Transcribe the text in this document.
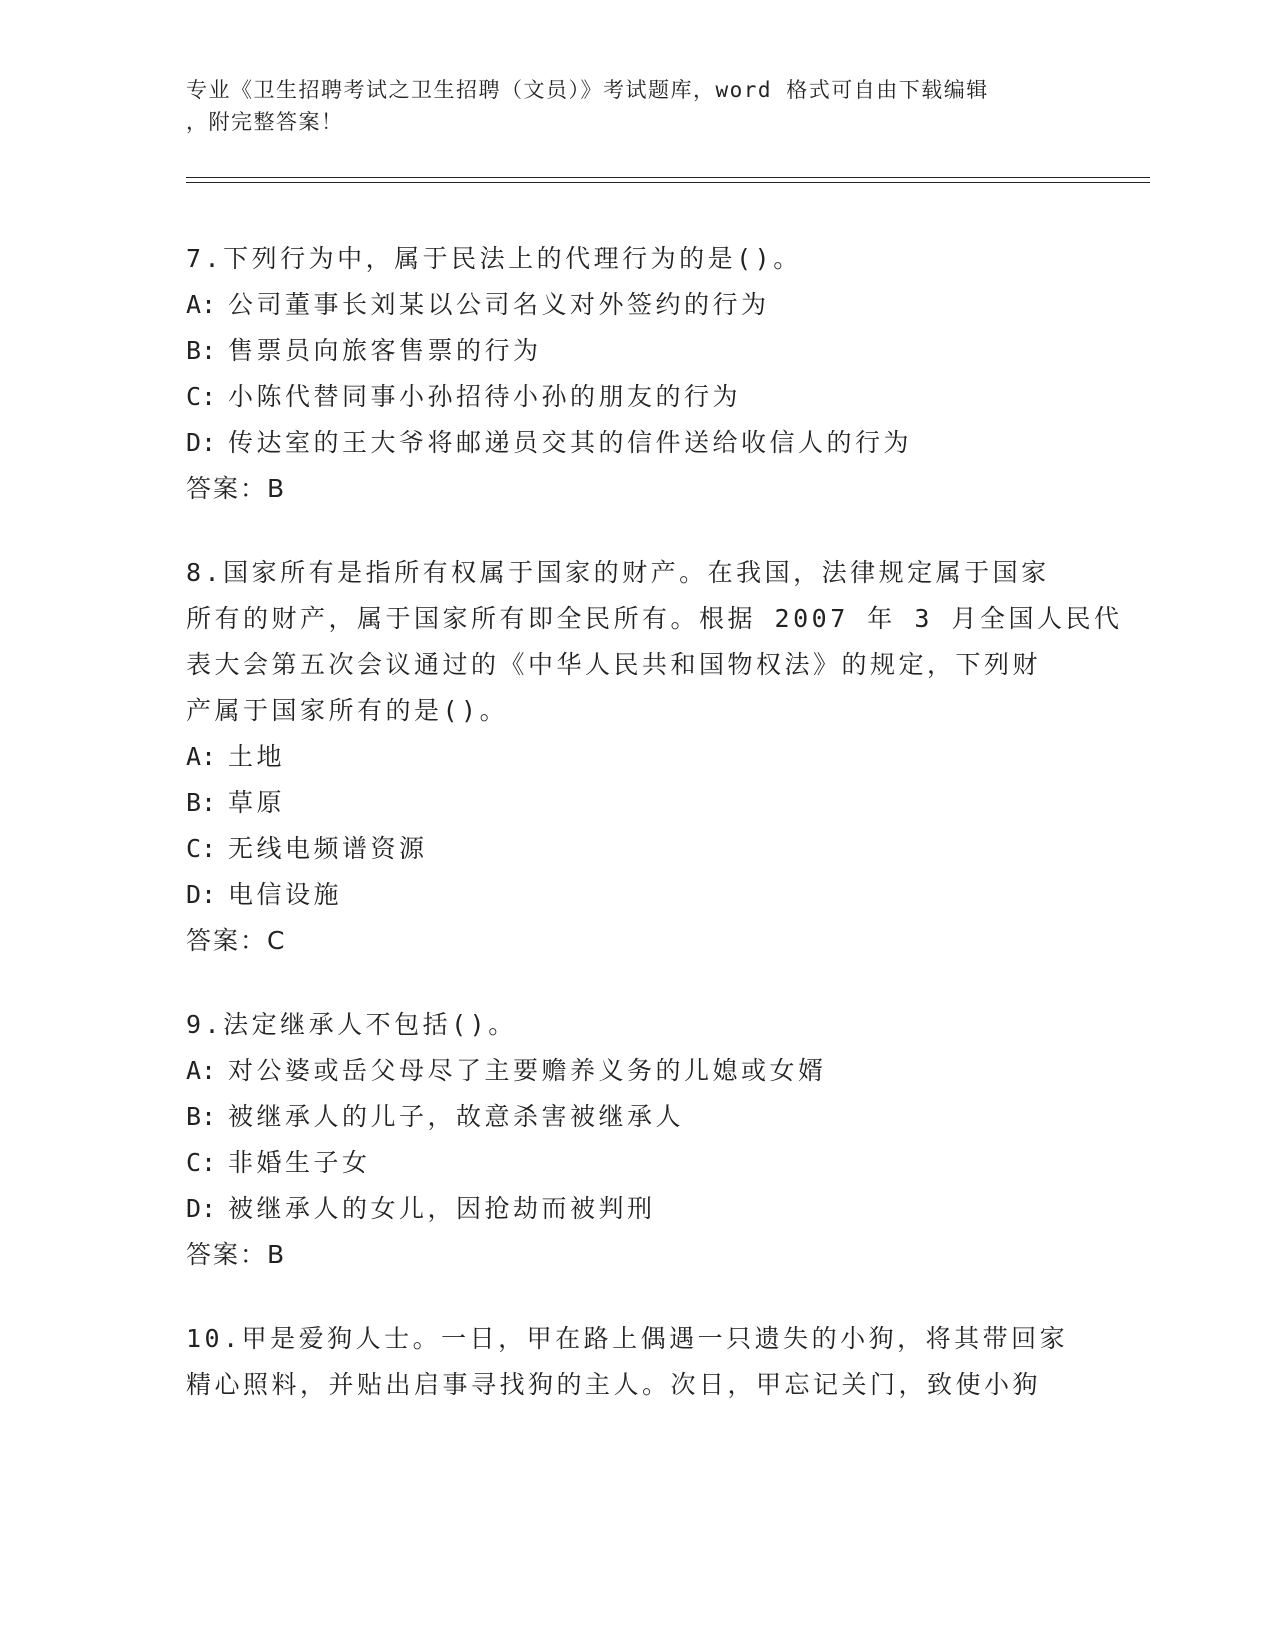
专业《卫生招聘考试之卫生招聘（文员）》考试题库，word 格式可自由下载编辑
，附完整答案！
7.下列行为中，属于民法上的代理行为的是()。
A: 公司董事长刘某以公司名义对外签约的行为
B: 售票员向旅客售票的行为
C: 小陈代替同事小孙招待小孙的朋友的行为
D: 传达室的王大爷将邮递员交其的信件送给收信人的行为
答案：B
8.国家所有是指所有权属于国家的财产。在我国，法律规定属于国家
所有的财产，属于国家所有即全民所有。根据 2007 年 3 月全国人民代
表大会第五次会议通过的《中华人民共和国物权法》的规定，下列财
产属于国家所有的是()。
A: 土地
B: 草原
C: 无线电频谱资源
D: 电信设施
答案：C
9.法定继承人不包括()。
A: 对公婆或岳父母尽了主要赡养义务的儿媳或女婿
B: 被继承人的儿子，故意杀害被继承人
C: 非婚生子女
D: 被继承人的女儿，因抢劫而被判刑
答案：B
10.甲是爱狗人士。一日，甲在路上偶遇一只遗失的小狗，将其带回家
精心照料，并贴出启事寻找狗的主人。次日，甲忘记关门，致使小狗
